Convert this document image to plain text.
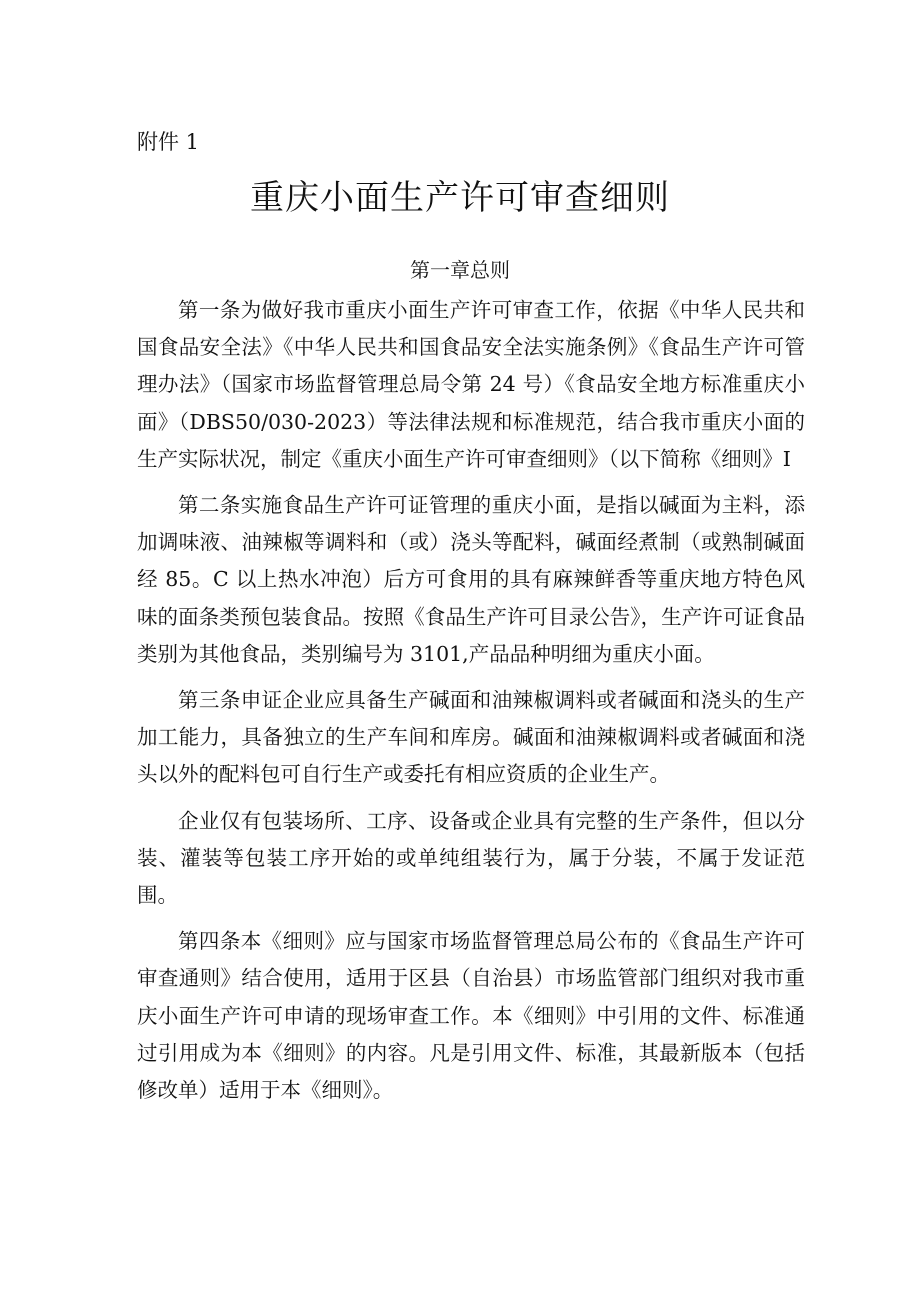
附件 1
重庆小面生产许可审查细则
第一章总则

第一条为做好我市重庆小面生产许可审查工作，依据《中华人民共和国食品安全法》《中华人民共和国食品安全法实施条例》《食品生产许可管理办法》（国家市场监督管理总局令第 24 号）《食品安全地方标准重庆小面》（DBS50/030-2023）等法律法规和标准规范，结合我市重庆小面的生产实际状况，制定《重庆小面生产许可审查细则》（以下简称《细则》I

第二条实施食品生产许可证管理的重庆小面，是指以碱面为主料，添加调味液、油辣椒等调料和（或）浇头等配料，碱面经煮制（或熟制碱面经 85。C 以上热水冲泡）后方可食用的具有麻辣鲜香等重庆地方特色风味的面条类预包装食品。按照《食品生产许可目录公告》，生产许可证食品类别为其他食品，类别编号为 3101,产品品种明细为重庆小面。

第三条申证企业应具备生产碱面和油辣椒调料或者碱面和浇头的生产加工能力，具备独立的生产车间和库房。碱面和油辣椒调料或者碱面和浇头以外的配料包可自行生产或委托有相应资质的企业生产。

企业仅有包装场所、工序、设备或企业具有完整的生产条件，但以分装、灌装等包装工序开始的或单纯组装行为，属于分装，不属于发证范围。

第四条本《细则》应与国家市场监督管理总局公布的《食品生产许可审查通则》结合使用，适用于区县（自治县）市场监管部门组织对我市重庆小面生产许可申请的现场审查工作。本《细则》中引用的文件、标准通过引用成为本《细则》的内容。凡是引用文件、标准，其最新版本（包括修改单）适用于本《细则》。
